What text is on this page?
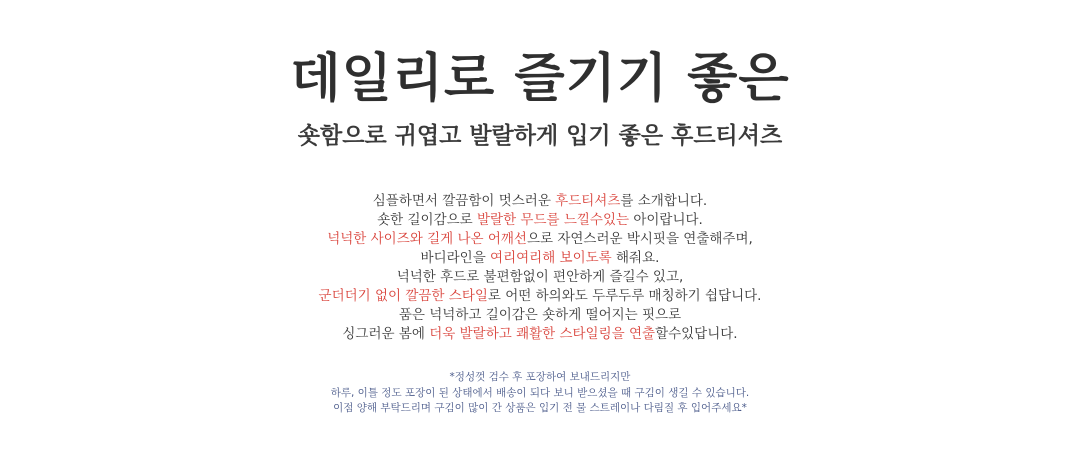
데일리로 즐기기 좋은
숏함으로 귀엽고 발랄하게 입기 좋은 후드티셔츠

심플하면서 깔끔함이 멋스러운 후드티셔츠를 소개합니다.
숏한 길이감으로 발랄한 무드를 느낄수있는 아이랍니다.
넉넉한 사이즈와 길게 나온 어깨선으로 자연스러운 박시핏을 연출해주며,
바디라인을 여리여리해 보이도록 해줘요.
넉넉한 후드로 불편함없이 편안하게 즐길수 있고,
군더더기 없이 깔끔한 스타일로 어떤 하의와도 두루두루 매칭하기 쉽답니다.
품은 넉넉하고 길이감은 숏하게 떨어지는 핏으로
싱그러운 봄에 더욱 발랄하고 쾌활한 스타일링을 연출할수있답니다.

*정성껏 검수 후 포장하여 보내드리지만
하루, 이틀 정도 포장이 된 상태에서 배송이 되다 보니 받으셨을 때 구김이 생길 수 있습니다.
이점 양해 부탁드리며 구김이 많이 간 상품은 입기 전 물 스트레이나 다림질 후 입어주세요*
